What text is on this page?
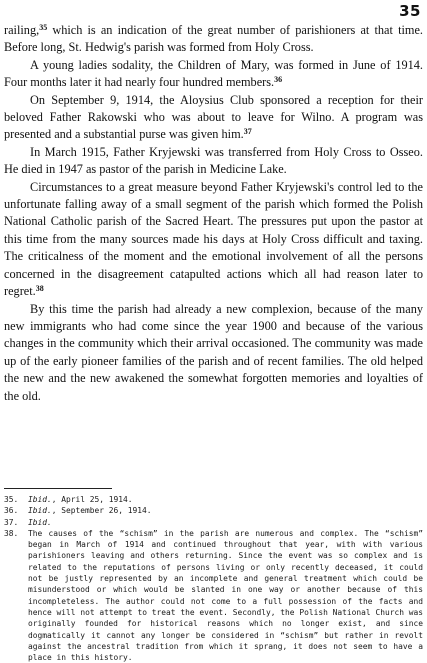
35

railing,$^{35}$ which is an indication of the great number of parishioners at that time. Before long, St. Hedwig's parish was formed from Holy Cross.

A young ladies sodality, the Children of Mary, was formed in June of 1914. Four months later it had nearly four hundred members.$^{36}$

On September 9, 1914, the Aloysius Club sponsored a reception for their beloved Father Rakowski who was about to leave for Wilno. A program was presented and a substantial purse was given him.$^{37}$

In March 1915, Father Kryjewski was transferred from Holy Cross to Osseo. He died in 1947 as pastor of the parish in Medicine Lake.

Circumstances to a great measure beyond Father Kryjewski's control led to the unfortunate falling away of a small segment of the parish which formed the Polish National Catholic parish of the Sacred Heart. The pressures put upon the pastor at this time from the many sources made his days at Holy Cross difficult and taxing. The criticalness of the moment and the emotional involvement of all the persons concerned in the disagreement catapulted actions which all had reason later to regret.$^{38}$

By this time the parish had already a new complexion, because of the many new immigrants who had come since the year 1900 and because of the various changes in the community which their arrival occasioned. The community was made up of the early pioneer families of the parish and of recent families. The old helped the new and the new awakened the somewhat forgotten memories and loyalties of the old.

35.	Ibid., April 25, 1914.
36.	Ibid., September 26, 1914.
37.	Ibid.
38.	The causes of the “schism” in the parish are numerous and complex. The “schism” began in March of 1914 and continued throughout that year, with with various parishioners leaving and others returning. Since the event was so complex and is related to the reputations of persons living or only recently deceased, it could not be justly represented by an incomplete and general treatment which could be misunderstood or which would be slanted in one way or another because of this incompleteless. The author could not come to a full possession of the facts and hence will not attempt to treat the event. Secondly, the Polish National Church was originally founded for historical reasons which no longer exist, and since dogmatically it cannot any longer be considered in “schism” but rather in revolt against the ancestral tradition from which it sprang, it does not seem to have a place in this history.
